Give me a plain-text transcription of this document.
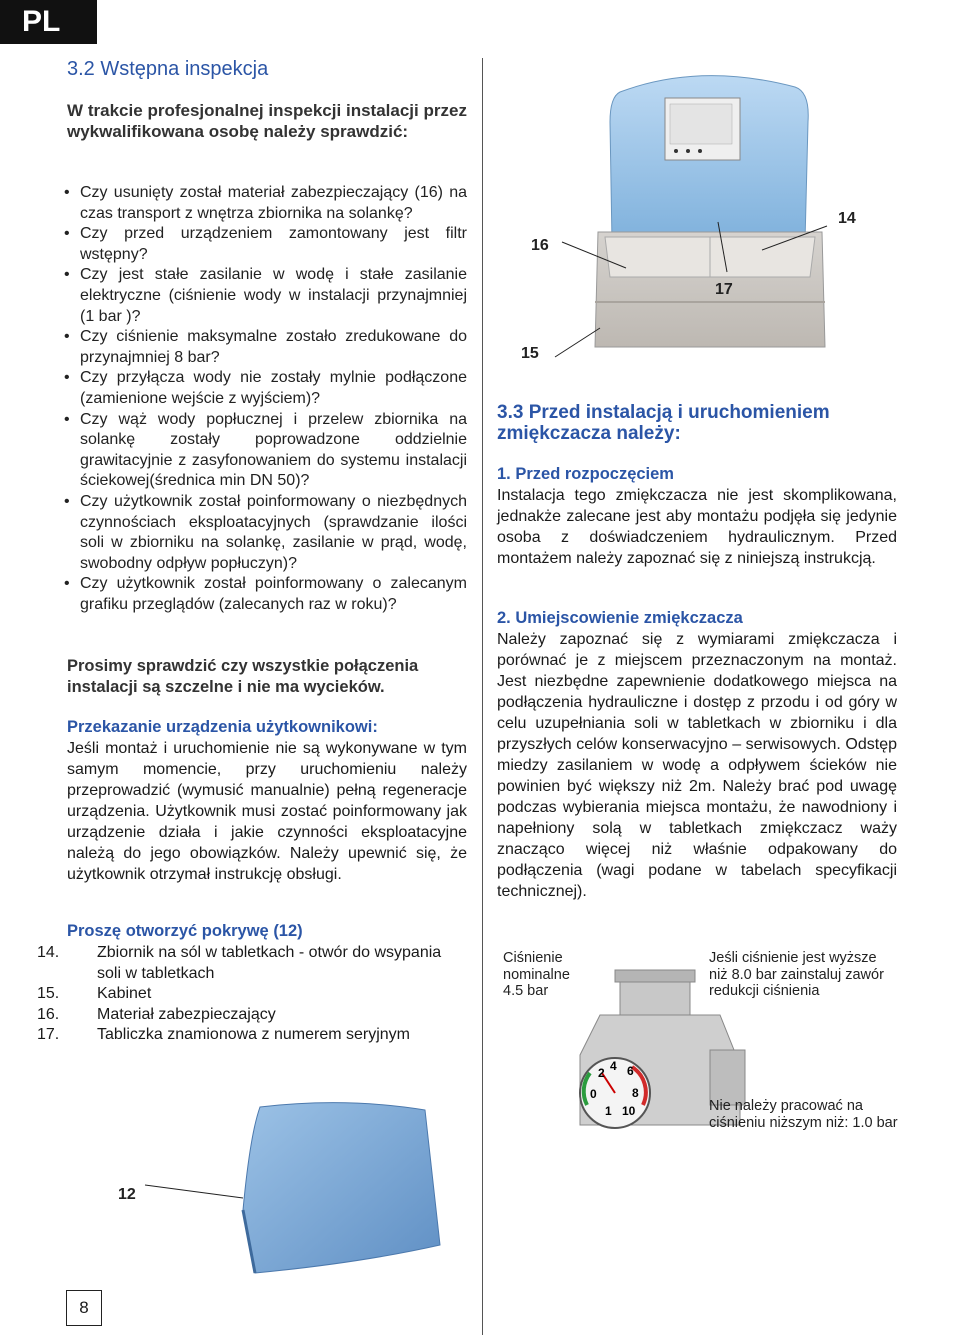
PL
3.2 Wstępna inspekcja
W trakcie profesjonalnej inspekcji instalacji przez wykwalifikowana osobę należy sprawdzić:
• Czy usunięty został materiał zabezpieczający (16) na czas transport z wnętrza zbiornika na solankę?
• Czy przed urządzeniem zamontowany jest filtr wstępny?
• Czy jest stałe zasilanie w wodę i stałe zasilanie elektryczne (ciśnienie wody w instalacji przynajmniej (1 bar )?
• Czy ciśnienie maksymalne zostało zredukowane do przynajmniej 8 bar?
• Czy przyłącza wody nie zostały mylnie podłączone (zamienione wejście z wyjściem)?
• Czy wąż wody popłucznej i przelew zbiornika na solankę zostały poprowadzone oddzielnie grawitacyjnie z zasyfonowaniem do systemu instalacji ściekowej(średnica min DN 50)?
• Czy użytkownik został poinformowany o niezbędnych czynnościach eksploatacyjnych (sprawdzanie ilości soli w zbiorniku na solankę, zasilanie w prąd, wodę, swobodny odpływ popłuczyn)?
• Czy użytkownik został poinformowany o zalecanym grafiku przeglądów (zalecanych raz w roku)?
Prosimy sprawdzić czy wszystkie połączenia instalacji są szczelne i nie ma wycieków.
Przekazanie urządzenia użytkownikowi:
Jeśli montaż i uruchomienie nie są wykonywane w tym samym momencie, przy uruchomieniu należy przeprowadzić (wymusić manualnie) pełną regeneracje urządzenia. Użytkownik musi zostać poinformowany jak urządzenie działa i jakie czynności eksploatacyjne należą do jego obowiązków. Należy upewnić się, że użytkownik otrzymał instrukcję obsługi.
Proszę otworzyć pokrywę (12)
14. Zbiornik na sól w tabletkach - otwór do wsypania soli w tabletkach
15. Kabinet
16. Materiał zabezpieczający
17. Tabliczka znamionowa z numerem seryjnym
12
14
16
17
15
3.3 Przed instalacją i uruchomieniem zmiękczacza należy:
1. Przed rozpoczęciem
Instalacja tego zmiękczacza nie jest skomplikowana, jednakże zalecane jest aby montażu podjęła się jedynie osoba z doświadczeniem hydraulicznym. Przed montażem należy zapoznać się z niniejszą instrukcją.
2. Umiejscowienie zmiękczacza
Należy zapoznać się z wymiarami zmiękczacza i porównać je z miejscem przeznaczonym na montaż. Jest niezbędne zapewnienie dodatkowego miejsca na podłączenia hydrauliczne i dostęp z przodu i od góry w celu uzupełniania soli w tabletkach w zbiorniku i dla przyszłych celów konserwacyjno – serwisowych. Odstęp miedzy zasilaniem w wodę a odpływem ścieków nie powinien być większy niż 2m. Należy brać pod uwagę podczas wybierania miejsca montażu, że nawodniony i napełniony solą w tabletkach zmiękczacz waży znacząco więcej niż właśnie odpakowany do podłączenia (wagi podane w tabelach specyfikacji technicznej).
2 4 6
8
10
0
1
Ciśnienie nominalne 4.5 bar
Jeśli ciśnienie jest wyższe niż 8.0 bar zainstaluj zawór redukcji ciśnienia
Nie należy pracować na ciśnieniu niższym niż: 1.0 bar
8
